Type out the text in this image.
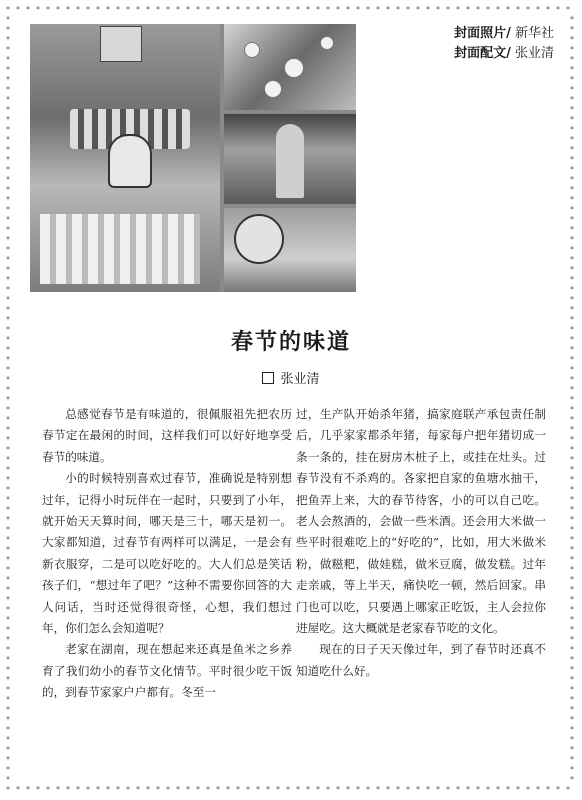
*
*
*
*
*
*
*
*
*
*
*
*
*
*
*
*
*
*
*
*
*
*
*
*
*
*
*
*
*
*
*
*
*
*
*
*
*
*
*
*
*
*
*
*
*
*
*
*
*
*
*
*
*
*
*
*
*
*
*
*
*
*
*
*
*
*
*
*
*
*
*
*
*
*
*
*
*
*
*
*
*
*
*
*
*
*
*
*
*
*
*
*
*
*
*
*
*
*
*
*
*
*
*
*
*
*
*
*
*
*
*
*
*
*
*	*
*	*
*	*
*	*
*	*
*	*
*	*
*	*
*	*
*	*
*	*
*	*
*	*
*	*
*	*
*	*
*	*
*	*
*	*
*	*
*	*
*	*
*	*
*	*
*	*
*	*
*	*
*	*
*	*
*	*
*	*
*	*
*	*
*	*
*	*
*	*
*	*
*	*
*	*
*	*
*	*
*	*
*	*
*	*
*	*
*	*
*	*
*	*
*	*
*	*
*	*
*	*
*	*
*	*
*	*
*	*
*	*
*	*
*	*
*	*
*	*
*	*
*	*
*	*
*	*
*	*
*	*
*	*
*	*
*	*
*	*
*	*
*	*
*	*
*	*
*	*
*	*
封面照片/ 新华社
封面配文/ 张业清
春节的味道
张业清

总感觉春节是有味道的，很佩服祖先把农历春节定在最闲的时间，这样我们可以好好地享受春节的味道。

小的时候特别喜欢过春节，准确说是特别想过年，记得小时玩伴在一起时，只要到了小年，就开始天天算时间，哪天是三十，哪天是初一。大家都知道，过春节有两样可以满足，一是会有新衣服穿，二是可以吃好吃的。大人们总是笑话孩子们，“想过年了吧？”这种不需要你回答的大人问话，当时还觉得很奇怪，心想，我们想过年，你们怎么会知道呢？

老家在湖南，现在想起来还真是鱼米之乡养育了我们幼小的春节文化情节。平时很少吃干饭的，到春节家家户户都有。冬至一

过，生产队开始杀年猪，搞家庭联产承包责任制后，几乎家家都杀年猪，每家每户把年猪切成一条一条的，挂在厨房木桩子上，或挂在灶头。过春节没有不杀鸡的。各家把自家的鱼塘水抽干，把鱼弄上来，大的春节待客，小的可以自己吃。老人会熬酒的，会做一些米酒。还会用大米做一些平时很难吃上的“好吃的”，比如，用大米做米粉，做糍粑，做娃糕，做米豆腐，做发糕。过年走亲戚，等上半天，痛快吃一顿，然后回家。串门也可以吃，只要遇上哪家正吃饭，主人会拉你进屋吃。这大概就是老家春节吃的文化。

现在的日子天天像过年，到了春节时还真不知道吃什么好。
